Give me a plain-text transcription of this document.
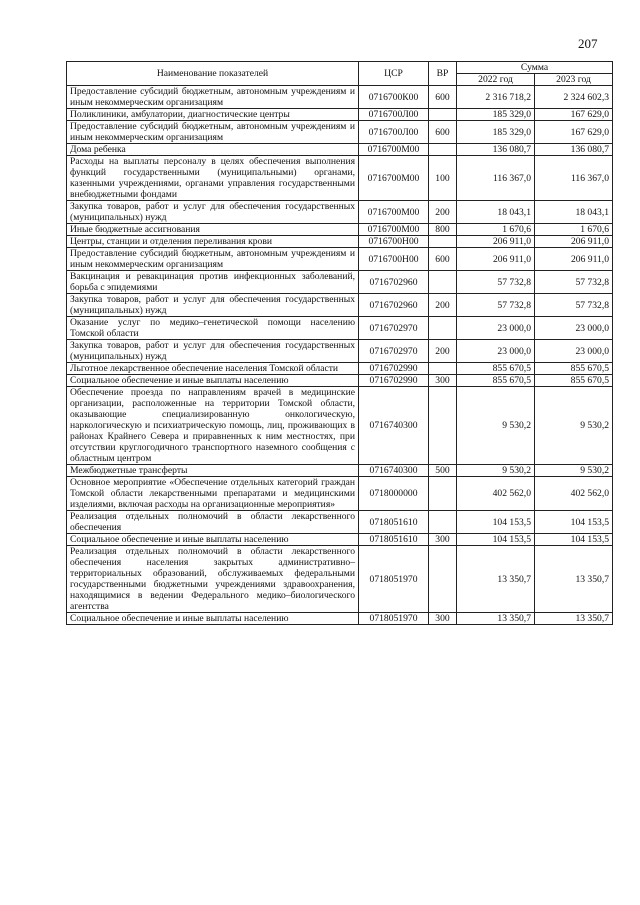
207
Наименование показателей	ЦСР	ВР	Сумма	
			2022 год	2023 год
Предоставление субсидий бюджетным, автономным учреждениям и иным некоммерческим организациям	0716700К00	600	2 316 718,2	2 324 602,3
Поликлиники, амбулатории, диагностические центры	0716700Л00		185 329,0	167 629,0
Предоставление субсидий бюджетным, автономным учреждениям и иным некоммерческим организациям	0716700Л00	600	185 329,0	167 629,0
Дома ребенка	0716700М00		136 080,7	136 080,7
Расходы на выплаты персоналу в целях обеспечения выполнения функций государственными (муниципальными) органами, казенными учреждениями, органами управления государственными внебюджетными фондами	0716700М00	100	116 367,0	116 367,0
Закупка товаров, работ и услуг для обеспечения государственных (муниципальных) нужд	0716700М00	200	18 043,1	18 043,1
Иные бюджетные ассигнования	0716700М00	800	1 670,6	1 670,6
Центры, станции и отделения переливания крови	0716700Н00		206 911,0	206 911,0
Предоставление субсидий бюджетным, автономным учреждениям и иным некоммерческим организациям	0716700Н00	600	206 911,0	206 911,0
Вакцинация и ревакцинация против инфекционных заболеваний, борьба с эпидемиями	0716702960		57 732,8	57 732,8
Закупка товаров, работ и услуг для обеспечения государственных (муниципальных) нужд	0716702960	200	57 732,8	57 732,8
Оказание услуг по медико–генетической помощи населению Томской области	0716702970		23 000,0	23 000,0
Закупка товаров, работ и услуг для обеспечения государственных (муниципальных) нужд	0716702970	200	23 000,0	23 000,0
Льготное лекарственное обеспечение населения Томской области	0716702990		855 670,5	855 670,5
Социальное обеспечение и иные выплаты населению	0716702990	300	855 670,5	855 670,5
Обеспечение проезда по направлениям врачей в медицинские организации, расположенные на территории Томской области, оказывающие специализированную онкологическую, наркологическую и психиатрическую помощь, лиц, проживающих в районах Крайнего Севера и приравненных к ним местностях, при отсутствии круглогодичного транспортного наземного сообщения с областным центром	0716740300		9 530,2	9 530,2
Межбюджетные трансферты	0716740300	500	9 530,2	9 530,2
Основное мероприятие «Обеспечение отдельных категорий граждан Томской области лекарственными препаратами и медицинскими изделиями, включая расходы на организационные мероприятия»	0718000000		402 562,0	402 562,0
Реализация отдельных полномочий в области лекарственного обеспечения	0718051610		104 153,5	104 153,5
Социальное обеспечение и иные выплаты населению	0718051610	300	104 153,5	104 153,5
Реализация отдельных полномочий в области лекарственного обеспечения населения закрытых административно–территориальных образований, обслуживаемых федеральными государственными бюджетными учреждениями здравоохранения, находящимися в ведении Федерального медико–биологического агентства	0718051970		13 350,7	13 350,7
Социальное обеспечение и иные выплаты населению	0718051970	300	13 350,7	13 350,7
